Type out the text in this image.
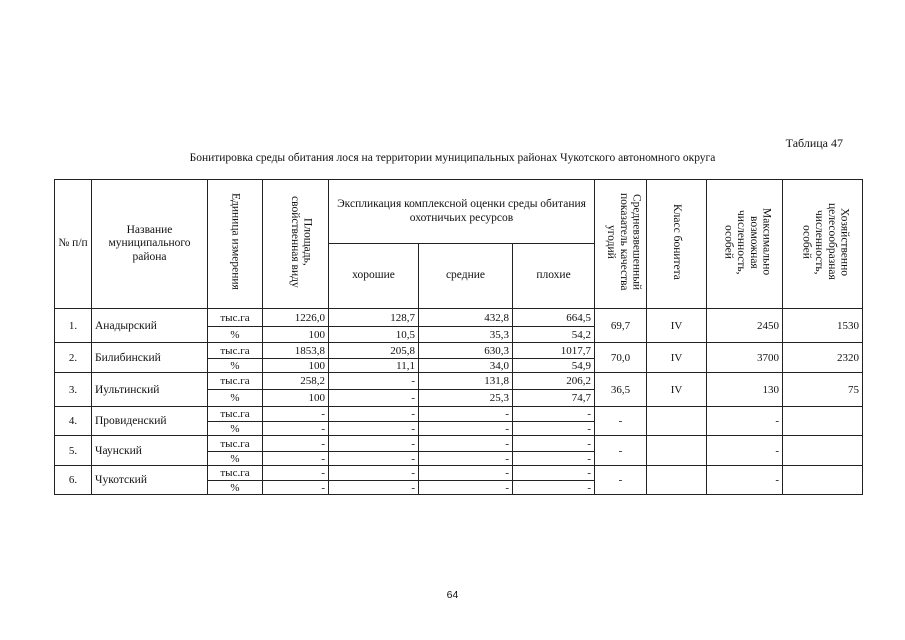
Таблица 47
Бонитировка среды обитания лося на территории муниципальных районах Чукотского автономного округа
№ п/п	Название муниципального района	Единица измерения	Площадь, свойственная виду	Экспликация комплексной оценки среды обитания охотничьих ресурсов			Средневзвешенный показатель качества угодий	Класс бонитета	Максимально возможная численность, особей	Хозяйственно целесообразная численность, особей
				хорошие	средние	плохие				
1.	Анадырский	тыс.га	1226,0	128,7	432,8	664,5	69,7	IV	2450	1530
		%	100	10,5	35,3	54,2				
2.	Билибинский	тыс.га	1853,8	205,8	630,3	1017,7	70,0	IV	3700	2320
		%	100	11,1	34,0	54,9				
3.	Иультинский	тыс.га	258,2	-	131,8	206,2	36,5	IV	130	75
		%	100	-	25,3	74,7				
4.	Провиденский	тыс.га	-	-	-	-	-		-	
		%	-	-	-	-				
5.	Чаунский	тыс.га	-	-	-	-	-		-	
		%	-	-	-	-				
6.	Чукотский	тыс.га	-	-	-	-	-		-	
		%	-	-	-	-				
64
